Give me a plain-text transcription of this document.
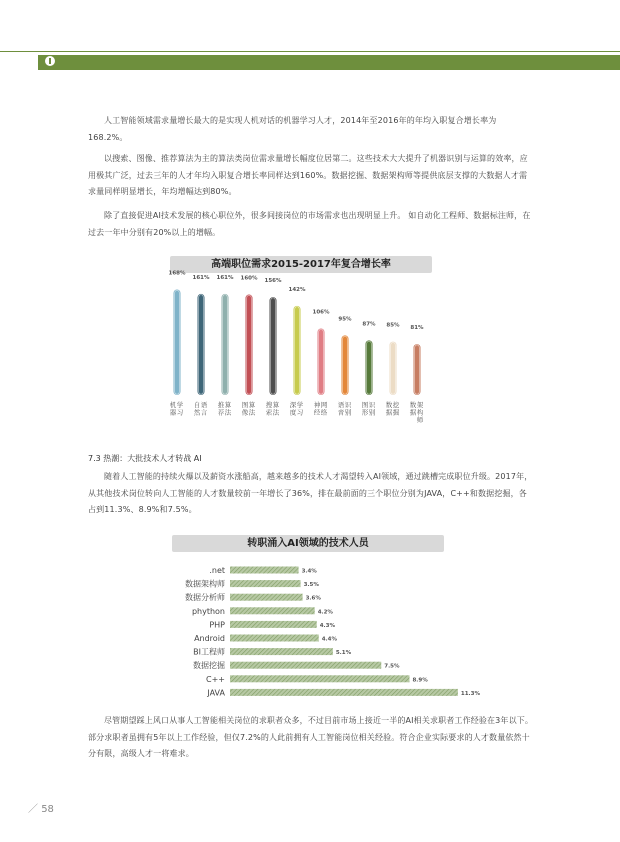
人工智能领域需求量增长最大的是实现人机对话的机器学习人才，2014年至2016年的年均入职复合增长率为168.2%。

以搜索、图像、推荐算法为主的算法类岗位需求量增长幅度位居第二。这些技术大大提升了机器识别与运算的效率，应用极其广泛，过去三年的人才年均入职复合增长率同样达到160%。数据挖掘、数据架构师等提供底层支撑的大数据人才需求量同样明显增长，年均增幅达到80%。

除了直接促进AI技术发展的核心职位外，很多间接岗位的市场需求也出现明显上升。 如自动化工程师、数据标注师，在过去一年中分别有20%以上的增幅。

高端职位需求2015-2017年复合增长率
168%
机
器
学
习
161%
自
然
语
言
161%
推
荐
算
法
160%
图
像
算
法
156%
搜
索
算
法
142%
深
度
学
习
106%
神
经
网
络
95%
语
音
识
别
87%
图
形
识
别
85%
数
据
挖
掘
81%
数
据
架
构
师
7.3 热潮：大批技术人才转战 AI

随着人工智能的持续火爆以及薪资水涨船高，越来越多的技术人才渴望转入AI领域，通过跳槽完成职位升级。2017年，从其他技术岗位转向人工智能的人才数量较前一年增长了36%，排在最前面的三个职位分别为JAVA，C++和数据挖掘，各占到11.3%、8.9%和7.5%。

转职涌入AI领域的技术人员
.net	3.4%
数据架构师	3.5%
数据分析师	3.6%
phython	4.2%
PHP	4.3%
Android	4.4%
BI工程师	5.1%
数据挖掘	7.5%
C++	8.9%
JAVA	11.3%

尽管期望踩上风口从事人工智能相关岗位的求职者众多，不过目前市场上接近一半的AI相关求职者工作经验在3年以下。部分求职者虽拥有5年以上工作经验，但仅7.2%的人此前拥有人工智能岗位相关经验。符合企业实际要求的人才数量依然十分有限，高级人才一将难求。

／ 58
